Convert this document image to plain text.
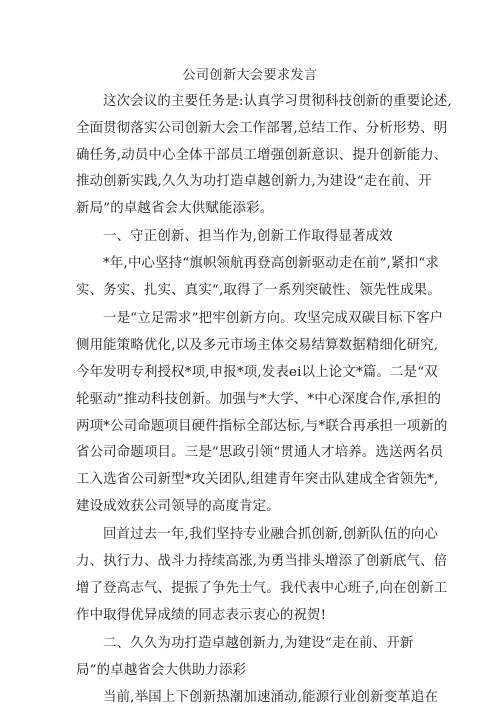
公司创新大会要求发言
这次会议的主要任务是:认真学习贯彻科技创新的重要论述,
全面贯彻落实公司创新大会工作部署,总结工作、分析形势、明
确任务,动员中心全体干部员工增强创新意识、提升创新能力、
推动创新实践,久久为功打造卓越创新力,为建设“走在前、开
新局”的卓越省会大供赋能添彩。
一、守正创新、担当作为,创新工作取得显著成效
*年,中心坚持“旗帜领航再登高创新驱动走在前”,紧扣“求
实、务实、扎实、真实“,取得了一系列突破性、领先性成果。
一是“立足需求”把牢创新方向。攻坚完成双碳目标下客户
侧用能策略优化,以及多元市场主体交易结算数据精细化研究,
今年发明专利授权*项,申报*项,发表ei以上论文*篇。二是“双
轮驱动”推动科技创新。加强与*大学、*中心深度合作,承担的
两项*公司命题项目硬件指标全部达标,与*联合再承担一项新的
省公司命题项目。三是“思政引领“贯通人才培养。选送两名员
工入选省公司新型*攻关团队,组建青年突击队建成全省领先*,
建设成效获公司领导的高度肯定。
回首过去一年,我们坚持专业融合抓创新,创新队伍的向心
力、执行力、战斗力持续高涨,为勇当排头增添了创新底气、倍
增了登高志气、提振了争先士气。我代表中心班子,向在创新工
作中取得优异成绩的同志表示衷心的祝贺!
二、久久为功打造卓越创新力,为建设“走在前、开新
局”的卓越省会大供助力添彩
当前,举国上下创新热潮加速涌动,能源行业创新变革追在
